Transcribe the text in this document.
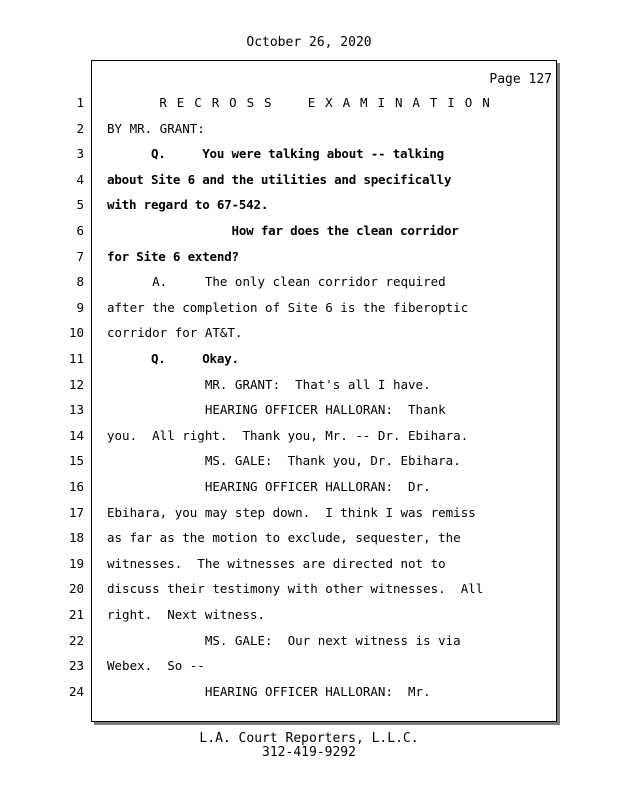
October 26, 2020
Page 127
1 R E C R O S S    E X A M I N A T I O N
2 BY MR. GRANT:
3 Q.     You were talking about -- talking
4 about Site 6 and the utilities and specifically
5 with regard to 67-542.
6 How far does the clean corridor
7 for Site 6 extend?
8 A.     The only clean corridor required
9 after the completion of Site 6 is the fiberoptic
10 corridor for AT&T.
11 Q.     Okay.
12 MR. GRANT:  That's all I have.
13 HEARING OFFICER HALLORAN:  Thank
14 you.  All right.  Thank you, Mr. -- Dr. Ebihara.
15 MS. GALE:  Thank you, Dr. Ebihara.
16 HEARING OFFICER HALLORAN:  Dr.
17 Ebihara, you may step down.  I think I was remiss
18 as far as the motion to exclude, sequester, the
19 witnesses.  The witnesses are directed not to
20 discuss their testimony with other witnesses.  All
21 right.  Next witness.
22 MS. GALE:  Our next witness is via
23 Webex.  So --
24 HEARING OFFICER HALLORAN:  Mr.
L.A. Court Reporters, L.L.C.
312-419-9292
